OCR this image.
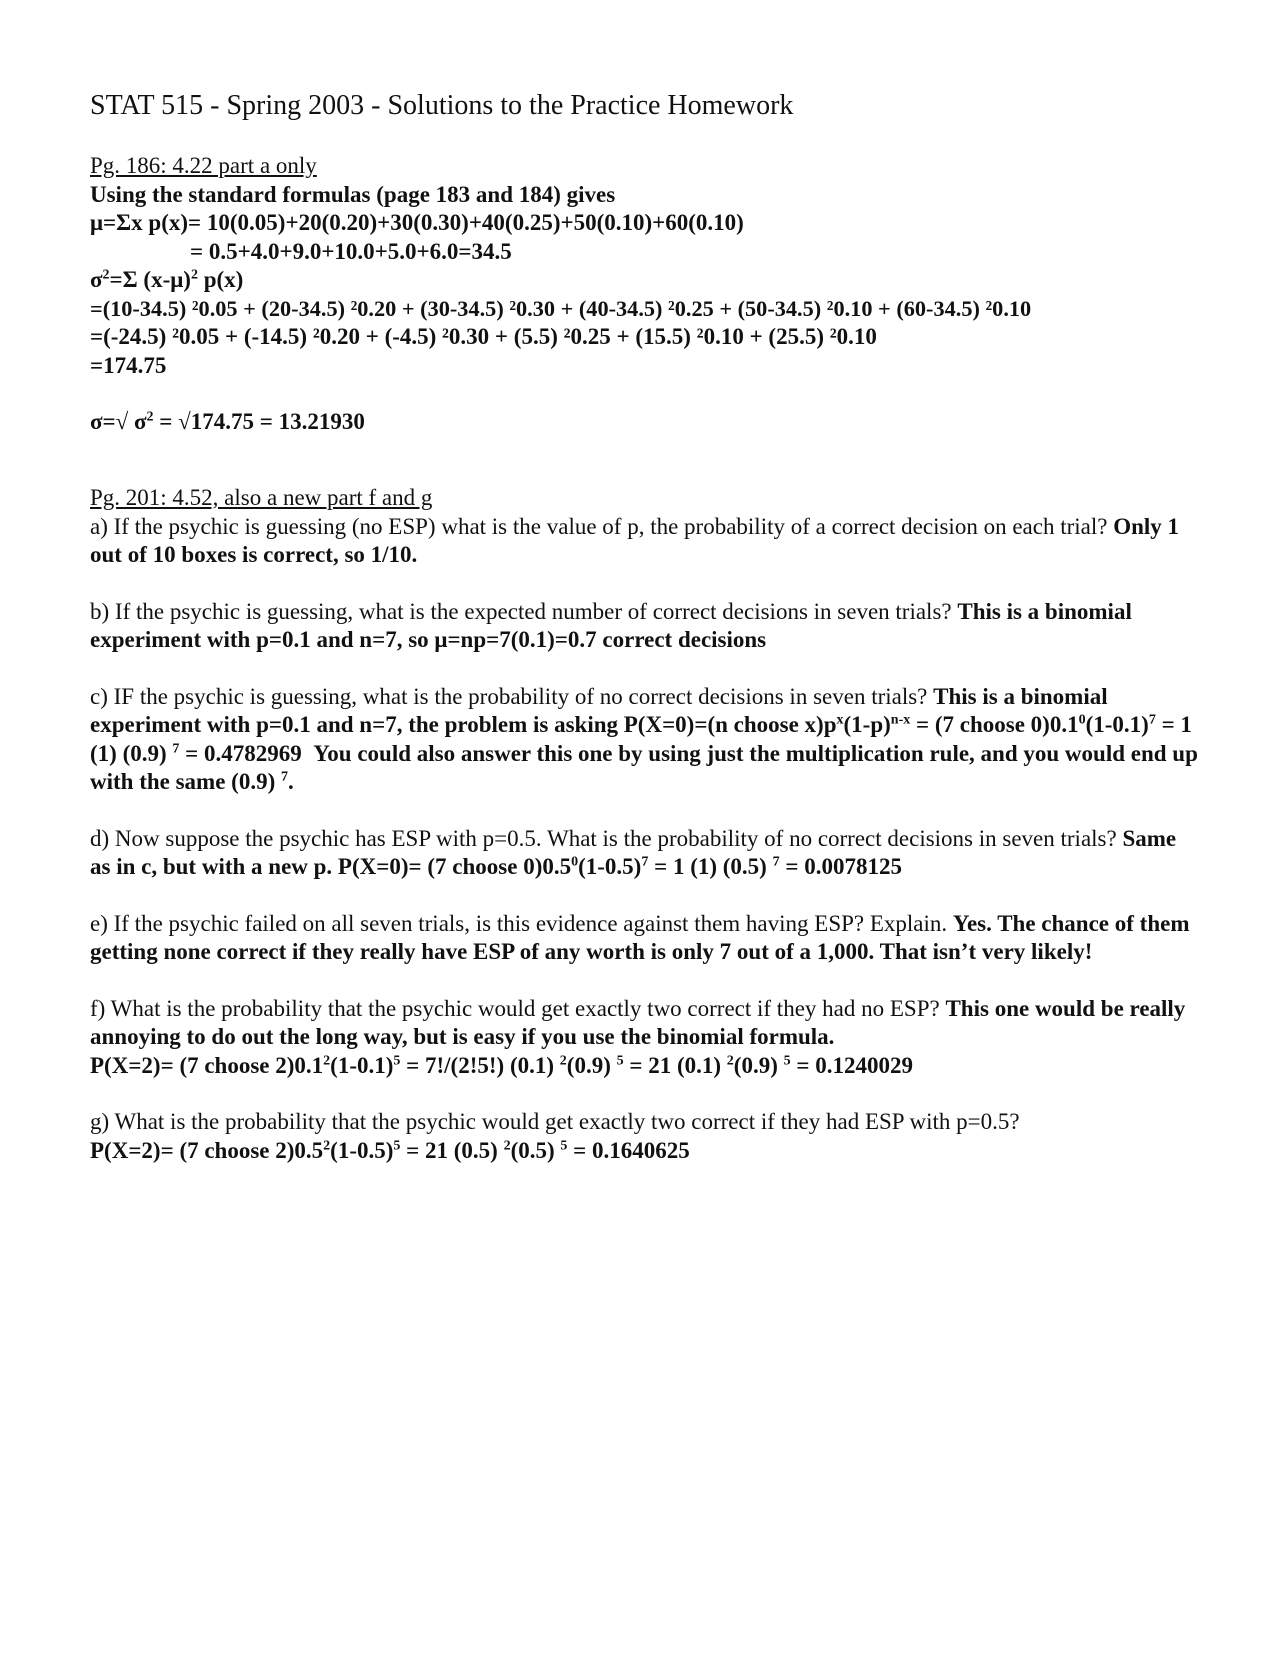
STAT 515 - Spring 2003 - Solutions to the Practice Homework
Pg. 186: 4.22 part a only
Using the standard formulas (page 183 and 184) gives
μ=Σx p(x)= 10(0.05)+20(0.20)+30(0.30)+40(0.25)+50(0.10)+60(0.10)
= 0.5+4.0+9.0+10.0+5.0+6.0=34.5
$\sigma^2=\Sigma$ $(x-\mu)^2$ p(x)
=(10-34.5) ²0.05 + (20-34.5) ²0.20 + (30-34.5) ²0.30 + (40-34.5) ²0.25 + (50-34.5) ²0.10 + (60-34.5) ²0.10
=(-24.5) ²0.05 + (-14.5) ²0.20 + (-4.5) ²0.30 + (5.5) ²0.25 + (15.5) ²0.10 + (25.5) ²0.10
=174.75
σ=√ $\sigma^2 = √174.75 = 13.21930$
Pg. 201: 4.52, also a new part f and g
a) If the psychic is guessing (no ESP) what is the value of p, the probability of a correct decision on each trial? Only 1 out of 10 boxes is correct, so 1/10.
b) If the psychic is guessing, what is the expected number of correct decisions in seven trials? This is a binomial experiment with p=0.1 and n=7, so μ=np=7(0.1)=0.7 correct decisions
c) IF the psychic is guessing, what is the probability of no correct decisions in seven trials? This is a binomial experiment with p=0.1 and n=7, the problem is asking P(X=0)=(n choose $x)p^x(1-p)^{n-x} = (7$ choose $0)0.1^0(1-0.1)^7 = 1$ (1) (0.9) $^7$ = 0.4782969  You could also answer this one by using just the multiplication rule, and you would end up with the same (0.9) $^7$.
d) Now suppose the psychic has ESP with p=0.5. What is the probability of no correct decisions in seven trials? Same as in c, but with a new p. P(X=0)= (7 choose $0)0.5^0(1-0.5)^7 = 1$ (1) (0.5) $^7$ = 0.0078125
e) If the psychic failed on all seven trials, is this evidence against them having ESP? Explain. Yes. The chance of them getting none correct if they really have ESP of any worth is only 7 out of a 1,000. That isn’t very likely!
f) What is the probability that the psychic would get exactly two correct if they had no ESP? This one would be really annoying to do out the long way, but is easy if you use the binomial formula.
P(X=2)= (7 choose $2)0.1^2(1-0.1)^5 = 7!/(2!5!)$ (0.1) $^2$(0.9) $^5$ = 21 (0.1) $^2$(0.9) $^5$ = 0.1240029
g) What is the probability that the psychic would get exactly two correct if they had ESP with p=0.5?
P(X=2)= (7 choose $2)0.5^2(1-0.5)^5 = 21$ (0.5) $^2$(0.5) $^5$ = 0.1640625
